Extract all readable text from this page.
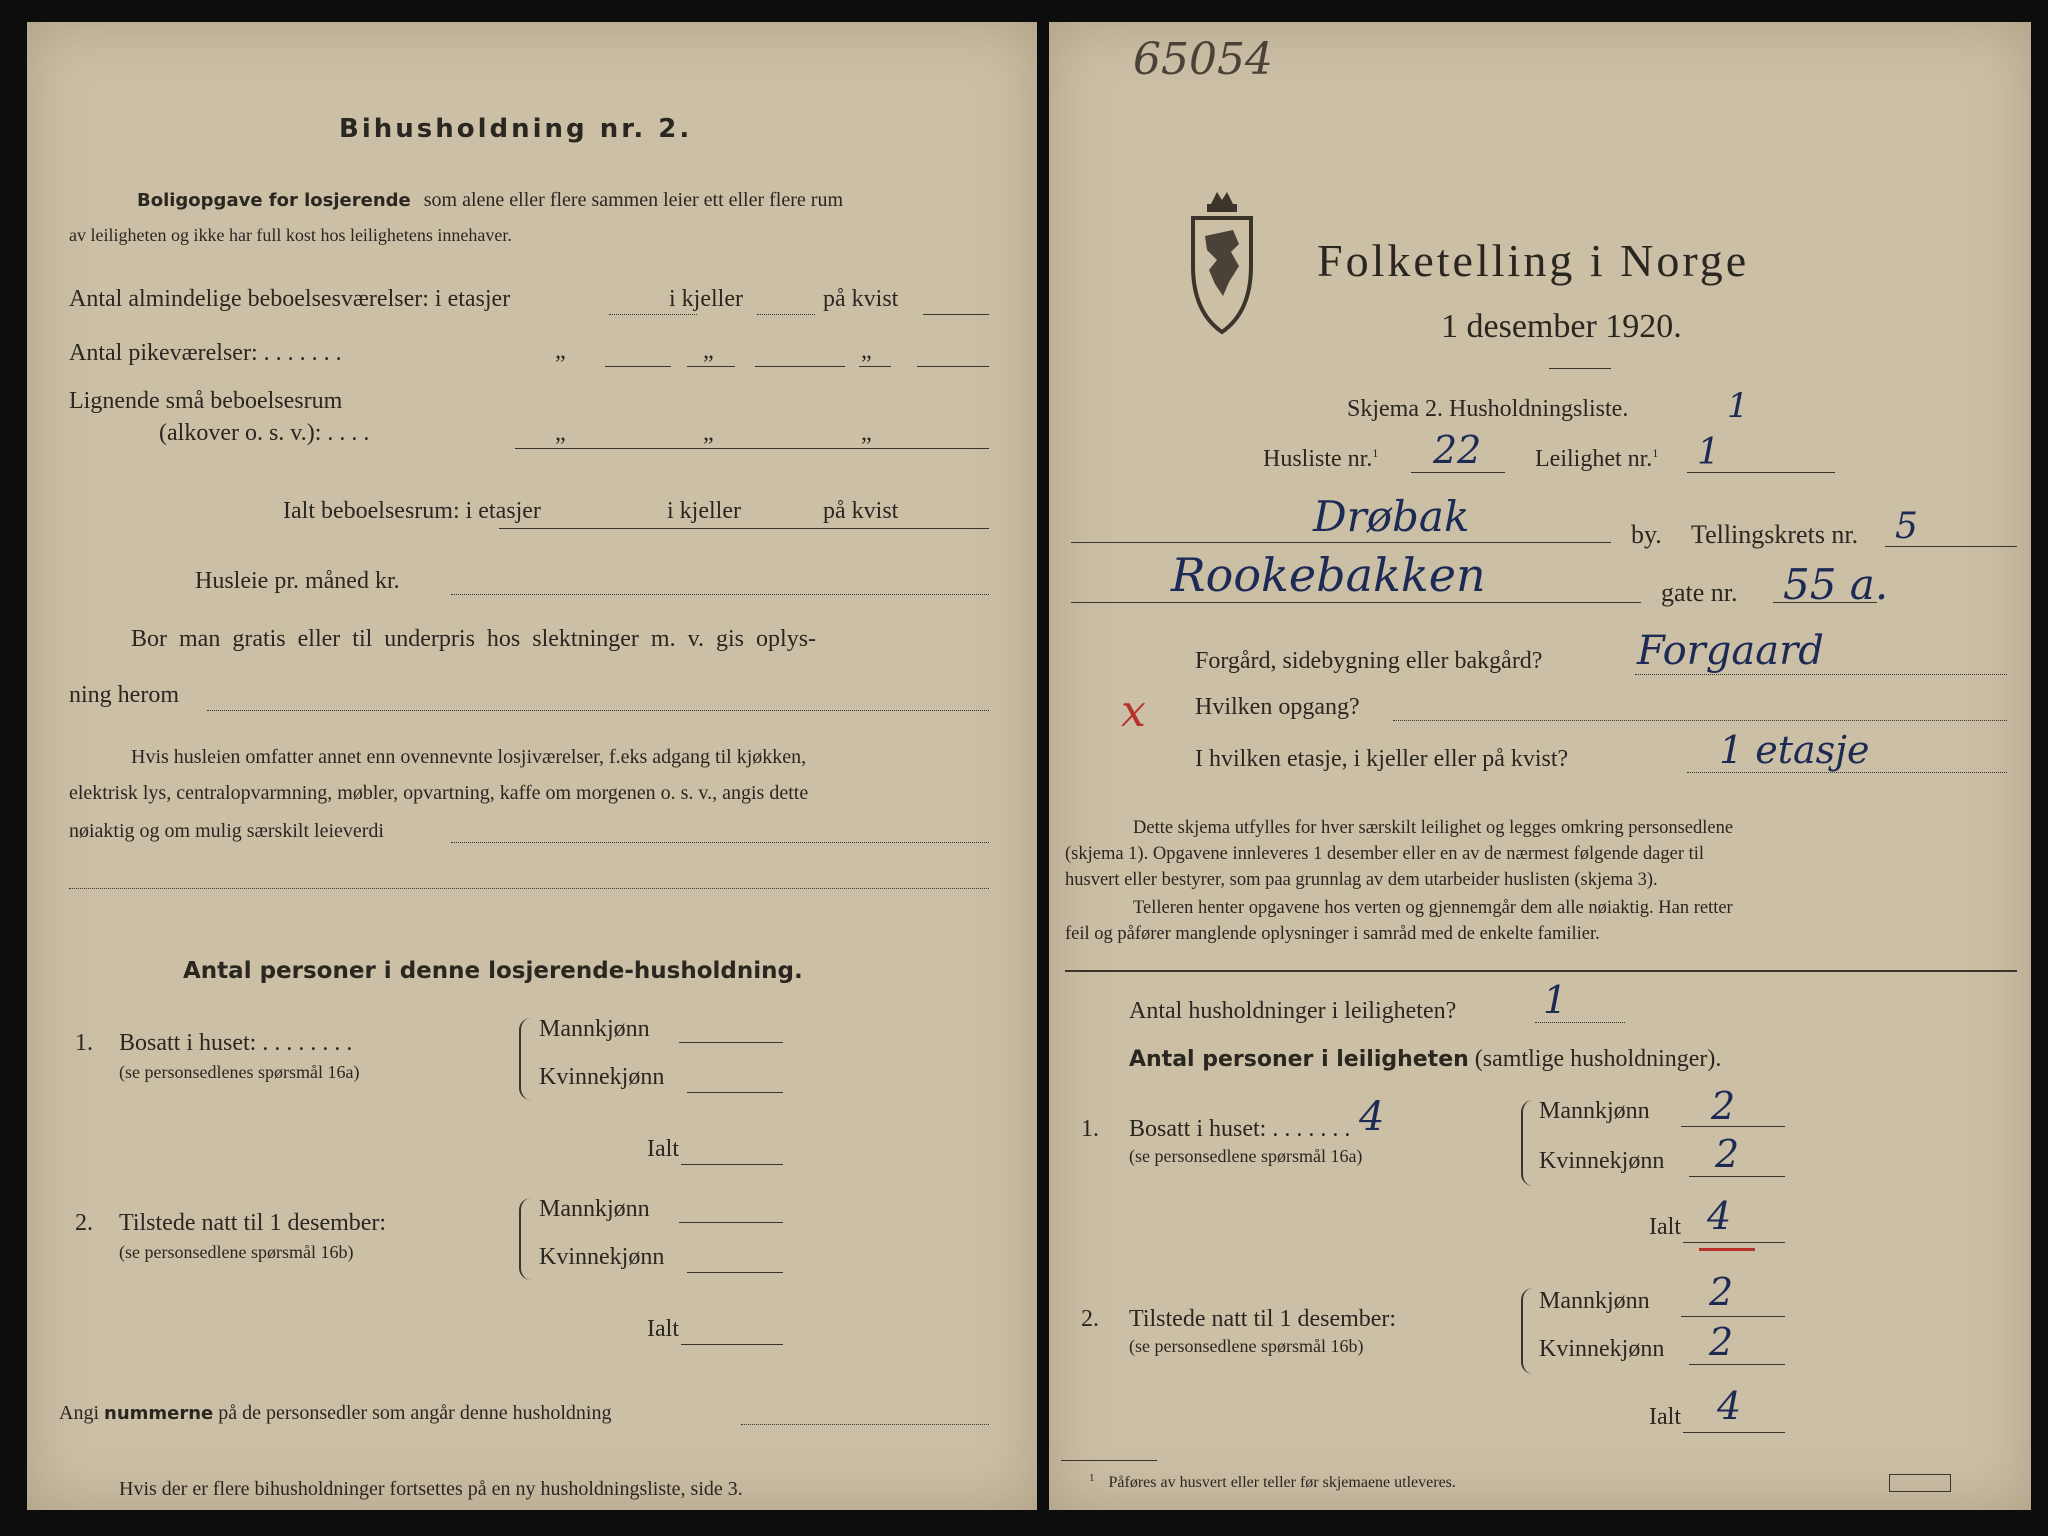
Bihusholdning nr. 2.
Boligopgave for losjerende som alene eller flere sammen leier ett eller flere rum
av leiligheten og ikke har full kost hos leilighetens innehaver.
Antal almindelige beboelsesværelser: i etasjer	i kjeller	på kvist
Antal pikeværelser: . . . . . . .	„	„	„
Lignende små beboelsesrum
(alkover o. s. v.): . . . .	„	„	„
Ialt beboelsesrum: i etasjer	i kjeller	på kvist
Husleie pr. måned kr.
Bor man gratis eller til underpris hos slektninger m. v. gis oplys-
ning herom
Hvis husleien omfatter annet enn ovennevnte losjiværelser, f.eks adgang til kjøkken,
elektrisk lys, centralopvarmning, møbler, opvartning, kaffe om morgenen o. s. v., angis dette
nøiaktig og om mulig særskilt leieverdi
Antal personer i denne losjerende-husholdning.
1. Bosatt i huset: . . . . . . . .
(se personsedlenes spørsmål 16a)
Mannkjønn
Kvinnekjønn
Ialt
2. Tilstede natt til 1 desember:
(se personsedlene spørsmål 16b)
Mannkjønn
Kvinnekjønn
Ialt
Angi nummerne på de personsedler som angår denne husholdning
Hvis der er flere bihusholdninger fortsettes på en ny husholdningsliste, side 3.
65054
Folketelling i Norge
1 desember 1920.
Skjema 2. Husholdningsliste.	1
Husliste nr.$^1$ 22 Leilighet nr.$^1$ 1
Drøbak	by. Tellingskrets nr. 5
Rookebakken	gate nr. 55 a.
Forgård, sidebygning eller bakgård? Forgaard
x Hvilken opgang?
I hvilken etasje, i kjeller eller på kvist?	1 etasje
Dette skjema utfylles for hver særskilt leilighet og legges omkring personsedlene
(skjema 1). Opgavene innleveres 1 desember eller en av de nærmest følgende dager til
husvert eller bestyrer, som paa grunnlag av dem utarbeider huslisten (skjema 3).
Telleren henter opgavene hos verten og gjennemgår dem alle nøiaktig. Han retter
feil og påfører manglende oplysninger i samråd med de enkelte familier.
Antal husholdninger i leiligheten? 1
Antal personer i leiligheten (samtlige husholdninger).
1. Bosatt i huset: . . . . . . . 4
(se personsedlene spørsmål 16a)
Mannkjønn 2
Kvinnekjønn 2
Ialt 4
2. Tilstede natt til 1 desember:
(se personsedlene spørsmål 16b)
Mannkjønn 2
Kvinnekjønn 2
Ialt 4
$^1$ Påføres av husvert eller teller før skjemaene utleveres.
